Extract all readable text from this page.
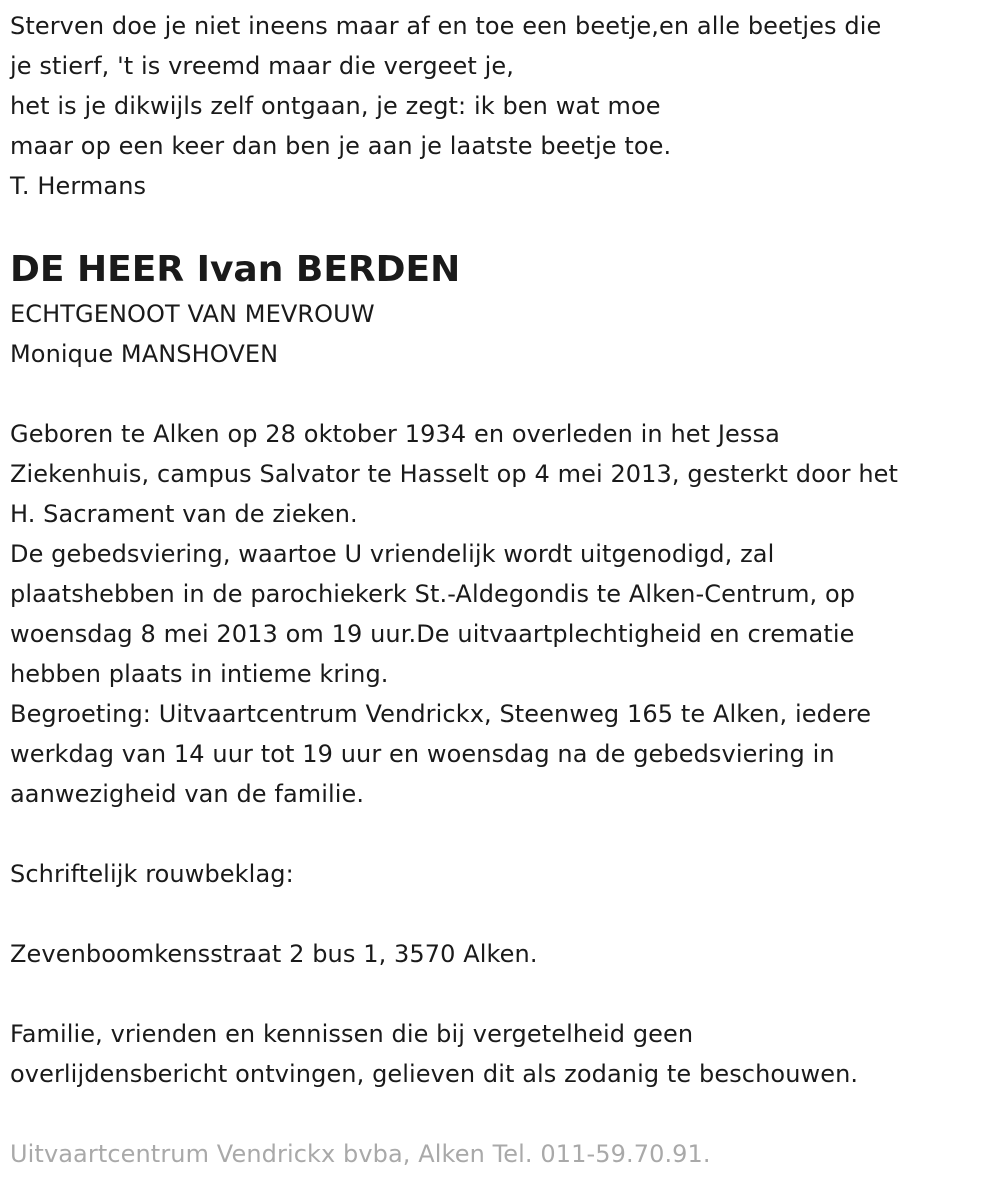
Sterven doe je niet ineens maar af en toe een beetje,en alle beetjes die
je stierf, 't is vreemd maar die vergeet je,
het is je dikwijls zelf ontgaan, je zegt: ik ben wat moe
maar op een keer dan ben je aan je laatste beetje toe.
T. Hermans
DE HEER Ivan BERDEN
ECHTGENOOT VAN MEVROUW
Monique MANSHOVEN
Geboren te Alken op 28 oktober 1934 en overleden in het Jessa
Ziekenhuis, campus Salvator te Hasselt op 4 mei 2013, gesterkt door het
H. Sacrament van de zieken.
De gebedsviering, waartoe U vriendelijk wordt uitgenodigd, zal
plaatshebben in de parochiekerk St.-Aldegondis te Alken-Centrum, op
woensdag 8 mei 2013 om 19 uur.De uitvaartplechtigheid en crematie
hebben plaats in intieme kring.
Begroeting: Uitvaartcentrum Vendrickx, Steenweg 165 te Alken, iedere
werkdag van 14 uur tot 19 uur en woensdag na de gebedsviering in
aanwezigheid van de familie.
Schriftelijk rouwbeklag:
Zevenboomkensstraat 2 bus 1, 3570 Alken.
Familie, vrienden en kennissen die bij vergetelheid geen
overlijdensbericht ontvingen, gelieven dit als zodanig te beschouwen.
Uitvaartcentrum Vendrickx bvba, Alken Tel. 011-59.70.91.
